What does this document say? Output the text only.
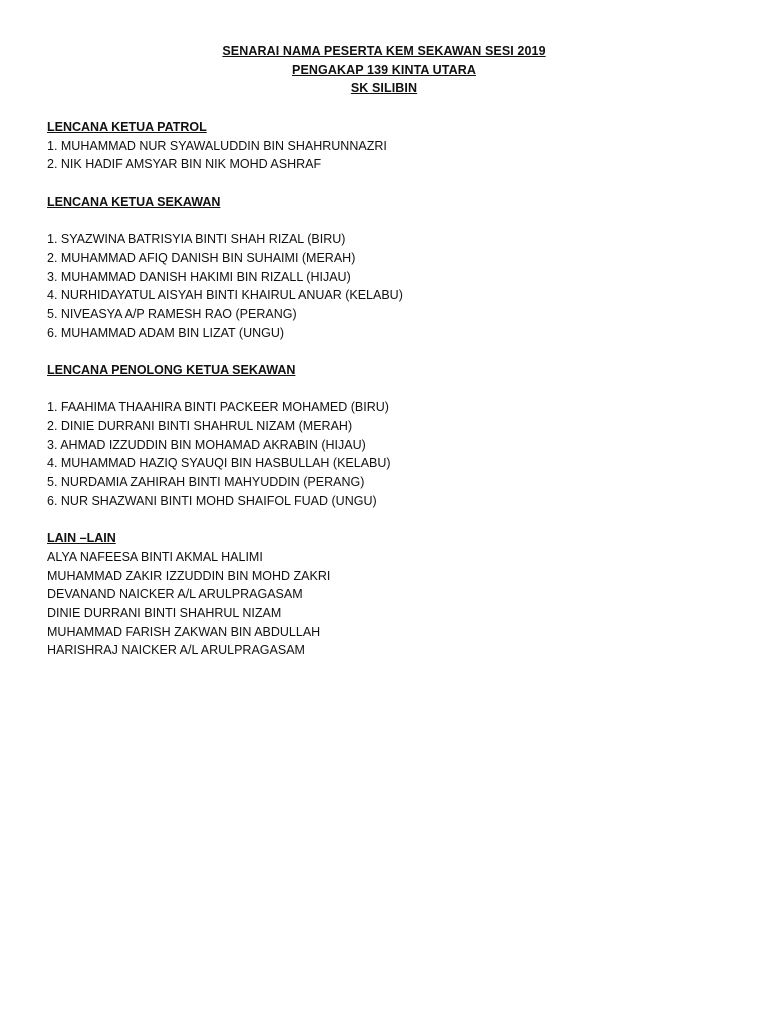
SENARAI NAMA PESERTA KEM SEKAWAN SESI 2019
PENGAKAP 139 KINTA UTARA
SK SILIBIN
LENCANA KETUA PATROL
1. MUHAMMAD NUR SYAWALUDDIN BIN SHAHRUNNAZRI
2. NIK HADIF AMSYAR BIN NIK MOHD ASHRAF
LENCANA KETUA SEKAWAN
1. SYAZWINA BATRISYIA BINTI SHAH RIZAL (BIRU)
2. MUHAMMAD AFIQ DANISH BIN SUHAIMI (MERAH)
3. MUHAMMAD DANISH HAKIMI BIN RIZALL (HIJAU)
4. NURHIDAYATUL AISYAH BINTI KHAIRUL ANUAR (KELABU)
5. NIVEASYA A/P RAMESH RAO (PERANG)
6. MUHAMMAD ADAM BIN LIZAT (UNGU)
LENCANA PENOLONG KETUA SEKAWAN
1. FAAHIMA THAAHIRA BINTI PACKEER MOHAMED (BIRU)
2. DINIE DURRANI BINTI SHAHRUL NIZAM (MERAH)
3. AHMAD IZZUDDIN BIN MOHAMAD AKRABIN (HIJAU)
4. MUHAMMAD HAZIQ SYAUQI BIN HASBULLAH (KELABU)
5. NURDAMIA ZAHIRAH BINTI MAHYUDDIN (PERANG)
6. NUR SHAZWANI BINTI MOHD SHAIFOL FUAD (UNGU)
LAIN –LAIN
ALYA NAFEESA BINTI AKMAL HALIMI
MUHAMMAD ZAKIR IZZUDDIN BIN MOHD ZAKRI
DEVANAND NAICKER A/L ARULPRAGASAM
DINIE DURRANI BINTI SHAHRUL NIZAM
MUHAMMAD FARISH ZAKWAN BIN ABDULLAH
HARISHRAJ NAICKER A/L ARULPRAGASAM
